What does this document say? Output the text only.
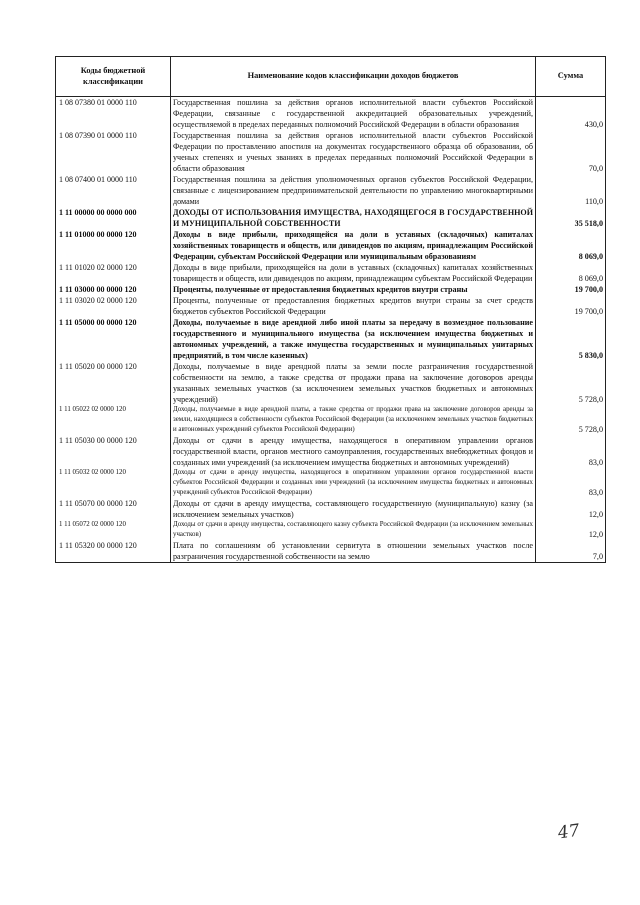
Коды бюджетной классификации	Наименование кодов классификации доходов бюджетов	Сумма
1 08 07380 01 0000 110	Государственная пошлина за действия органов исполнительной власти субъектов Российской Федерации, связанные с государственной аккредитацией образовательных учреждений, осуществляемой в пределах переданных полномочий Российской Федерации в области образования	430,0
1 08 07390 01 0000 110	Государственная пошлина за действия органов исполнительной власти субъектов Российской Федерации по проставлению апостиля на документах государственного образца об образовании, об ученых степенях и ученых званиях в пределах переданных полномочий Российской Федерации в области образования	70,0
1 08 07400 01 0000 110	Государственная пошлина за действия уполномоченных органов субъектов Российской Федерации, связанные с лицензированием предпринимательской деятельности по управлению многоквартирными домами	110,0
1 11 00000 00 0000 000	ДОХОДЫ ОТ ИСПОЛЬЗОВАНИЯ ИМУЩЕСТВА, НАХОДЯЩЕГОСЯ В ГОСУДАРСТВЕННОЙ И МУНИЦИПАЛЬНОЙ СОБСТВЕННОСТИ	35 518,0
1 11 01000 00 0000 120	Доходы в виде прибыли, приходящейся на доли в уставных (складочных) капиталах хозяйственных товариществ и обществ, или дивидендов по акциям, принадлежащим Российской Федерации, субъектам Российской Федерации или муниципальным образованиям	8 069,0
1 11 01020 02 0000 120	Доходы в виде прибыли, приходящейся на доли в уставных (складочных) капиталах хозяйственных товариществ и обществ, или дивидендов по акциям, принадлежащим субъектам Российской Федерации	8 069,0
1 11 03000 00 0000 120	Проценты, полученные от предоставления бюджетных кредитов внутри страны	19 700,0
1 11 03020 02 0000 120	Проценты, полученные от предоставления бюджетных кредитов внутри страны за счет средств бюджетов субъектов Российской Федерации	19 700,0
1 11 05000 00 0000 120	Доходы, получаемые в виде арендной либо иной платы за передачу в возмездное пользование государственного и муниципального имущества (за исключением имущества бюджетных и автономных учреждений, а также имущества государственных и муниципальных унитарных предприятий, в том числе казенных)	5 830,0
1 11 05020 00 0000 120	Доходы, получаемые в виде арендной платы за земли после разграничения государственной собственности на землю, а также средства от продажи права на заключение договоров аренды указанных земельных участков (за исключением земельных участков бюджетных и автономных учреждений)	5 728,0
1 11 05022 02 0000 120	Доходы, получаемые в виде арендной платы, а также средства от продажи права на заключение договоров аренды за земли, находящиеся в собственности субъектов Российской Федерации (за исключением земельных участков бюджетных и автономных учреждений субъектов Российской Федерации)	5 728,0
1 11 05030 00 0000 120	Доходы от сдачи в аренду имущества, находящегося в оперативном управлении органов государственной власти, органов местного самоуправления, государственных внебюджетных фондов и созданных ими учреждений (за исключением имущества бюджетных и автономных учреждений)	83,0
1 11 05032 02 0000 120	Доходы от сдачи в аренду имущества, находящегося в оперативном управлении органов государственной власти субъектов Российской Федерации и созданных ими учреждений (за исключением имущества бюджетных и автономных учреждений субъектов Российской Федерации)	83,0
1 11 05070 00 0000 120	Доходы от сдачи в аренду имущества, составляющего государственную (муниципальную) казну (за исключением земельных участков)	12,0
1 11 05072 02 0000 120	Доходы от сдачи в аренду имущества, составляющего казну субъекта Российской Федерации (за исключением земельных участков)	12,0
1 11 05320 00 0000 120	Плата по соглашениям об установлении сервитута в отношении земельных участков после разграничения государственной собственности на землю	7,0
47
